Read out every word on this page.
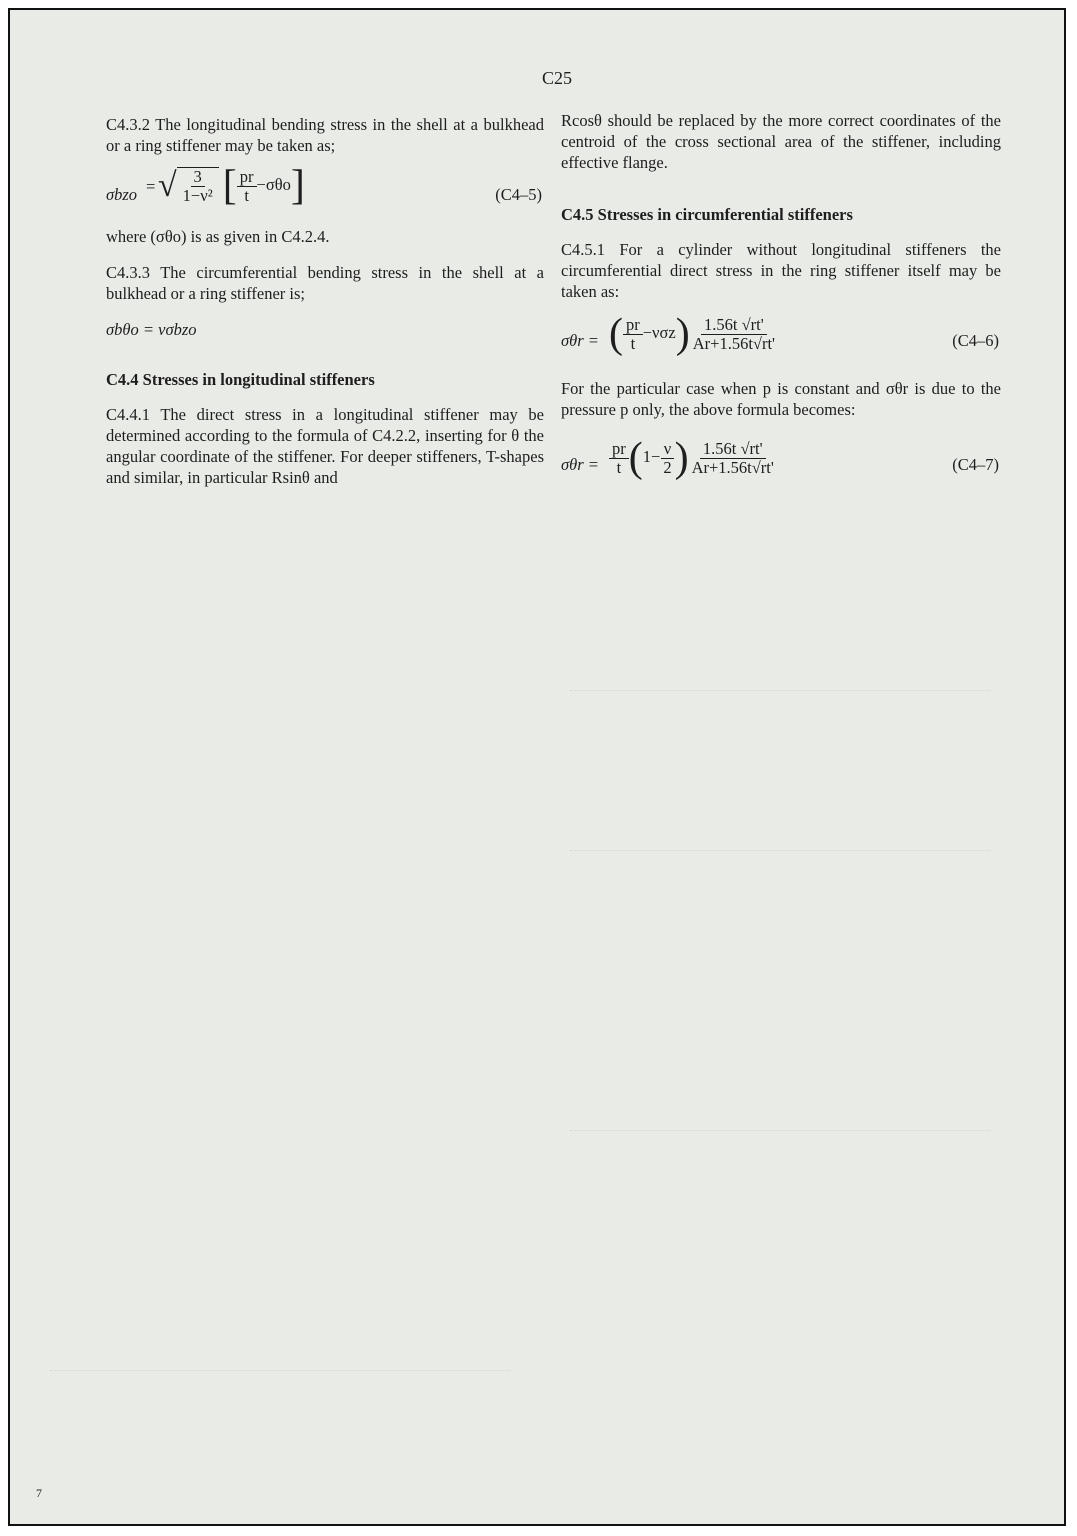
C25

C4.3.2 The longitudinal bending stress in the shell at a bulkhead or a ring stiffener may be taken as;

σbzo = √ $\frac{3}{\text{1−ν²}}$ [ $\frac{pr}{t} -\sigma\theta o$]	(C4–5)

where (σθo) is as given in C4.2.4.

C4.3.3 The circumferential bending stress in the shell at a bulkhead or a ring stiffener is;

σbθo = νσbzo

C4.4 Stresses in longitudinal stiffeners

C4.4.1 The direct stress in a longitudinal stiffener may be determined according to the formula of C4.2.2, inserting for θ the angular coordinate of the stiffener. For deeper stiffeners, T-shapes and similar, in particular Rsinθ and

Rcosθ should be replaced by the more correct coordinates of the centroid of the cross sectional area of the stiffener, including effective flange.

C4.5 Stresses in circumferential stiffeners

C4.5.1 For a cylinder without longitudinal stiffeners the circumferential direct stress in the ring stiffener itself may be taken as:

σθr = ( $\frac{pr}{t} -\nu\sigma z) \frac{1.56t √rt'}{Ar+1.56t√rt'}$	(C4–6)

For the particular case when p is constant and σθr is due to the pressure p only, the above formula becomes:

$\sigma\theta r = \frac{pr}{t} (1- \frac{\nu}{2}$ ) $\frac{1.56t √rt'}{Ar+1.56t√rt'}$	(C4–7)
7
